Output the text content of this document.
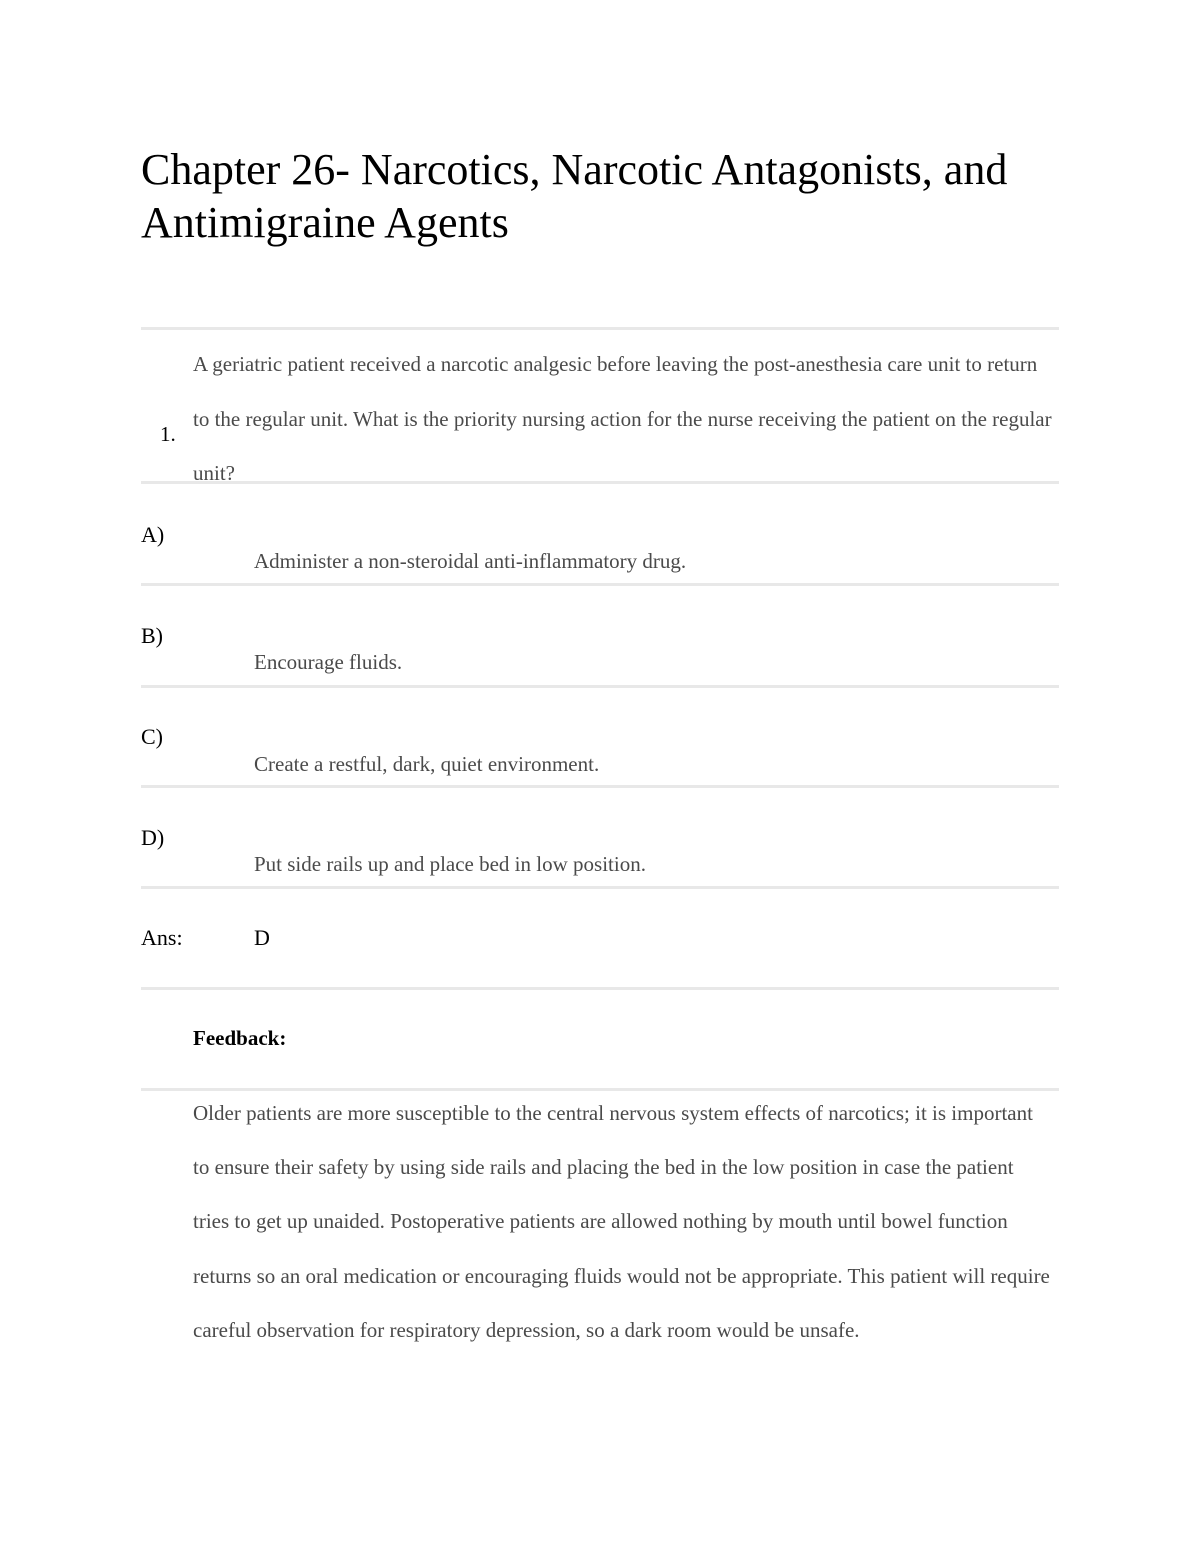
Chapter 26- Narcotics, Narcotic Antagonists, and Antimigraine Agents
1.
A geriatric patient received a narcotic analgesic before leaving the post-anesthesia care unit to return to the regular unit. What is the priority nursing action for the nurse receiving the patient on the regular unit?
A)
Administer a non-steroidal anti-inflammatory drug.
B)
Encourage fluids.
C)
Create a restful, dark, quiet environment.
D)
Put side rails up and place bed in low position.
Ans:	D
Feedback:
Older patients are more susceptible to the central nervous system effects of narcotics; it is important to ensure their safety by using side rails and placing the bed in the low position in case the patient tries to get up unaided. Postoperative patients are allowed nothing by mouth until bowel function returns so an oral medication or encouraging fluids would not be appropriate. This patient will require careful observation for respiratory depression, so a dark room would be unsafe.
